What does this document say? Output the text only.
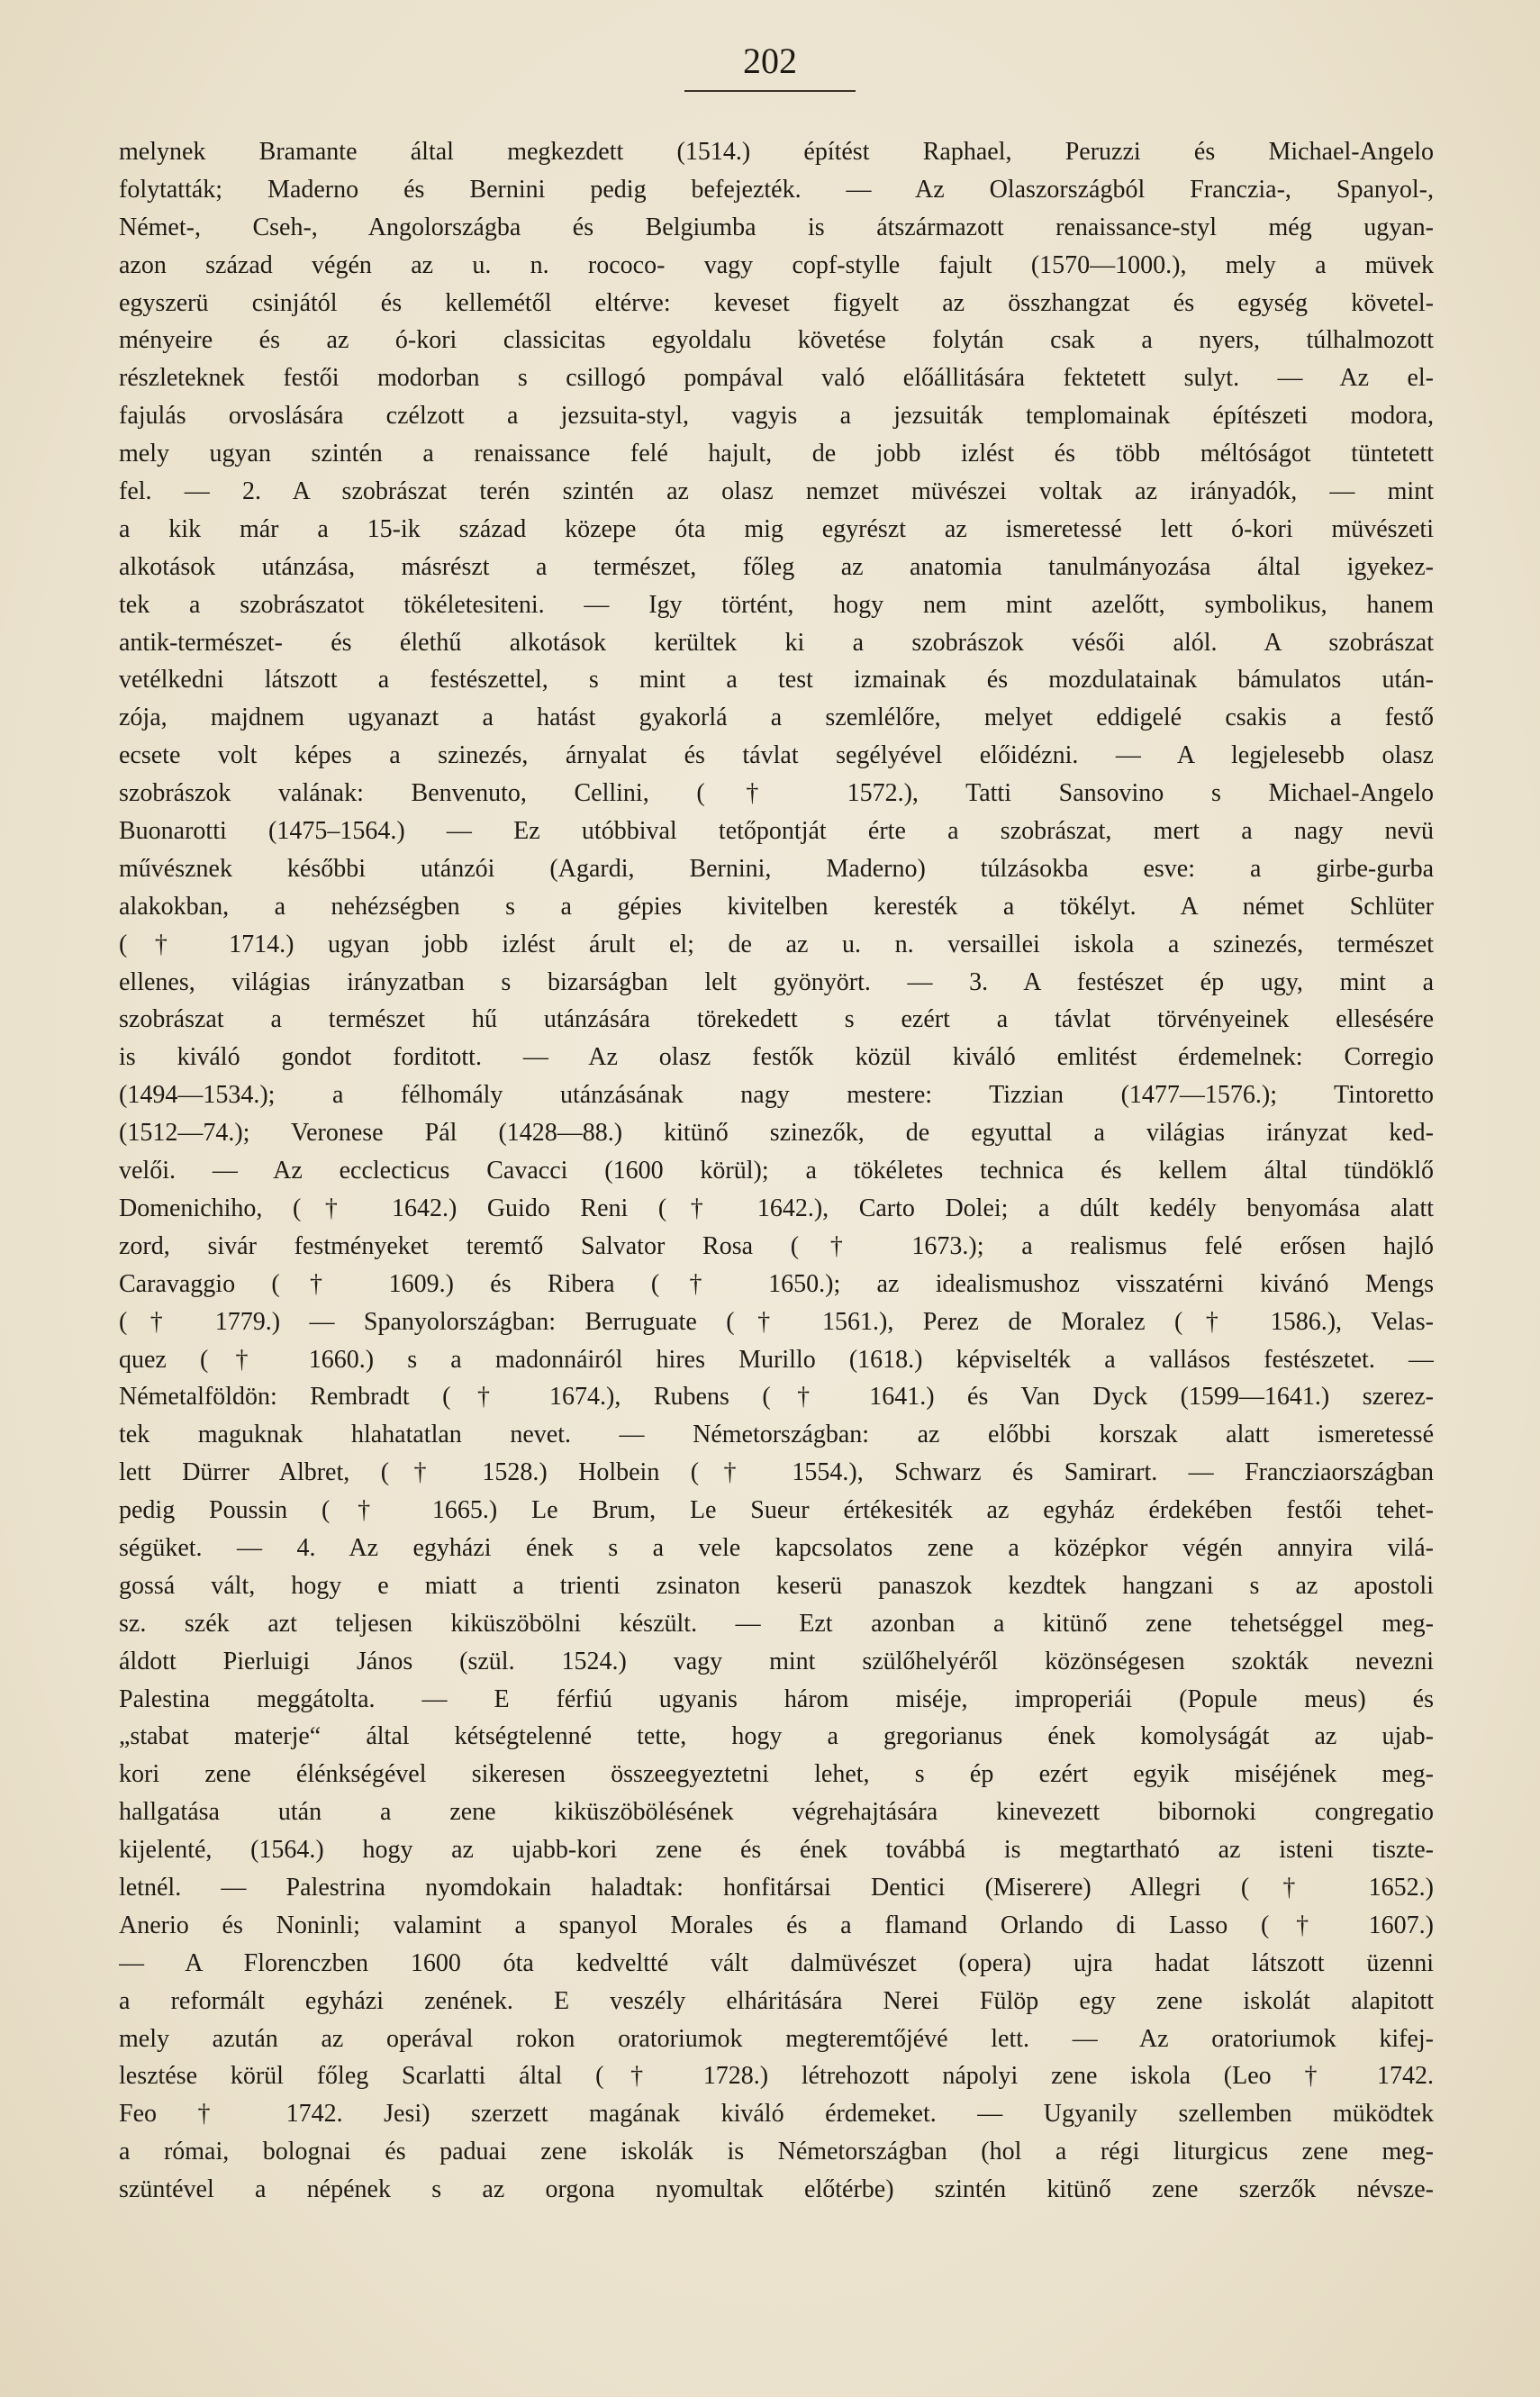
202
melynek Bramante által megkezdett (1514.) építést Raphael, Peruzzi és Michael-Angelo
folytatták; Maderno és Bernini pedig befejezték. — Az Olaszországból Franczia-, Spanyol-,
Német-, Cseh-, Angolországba és Belgiumba is átszármazott renaissance-styl még ugyan-
azon század végén az u. n. rococo- vagy copf-stylle fajult (1570—1000.), mely a müvek
egyszerü csinjától és kellemétől eltérve: keveset figyelt az összhangzat és egység követel-
ményeire és az ó-kori classicitas egyoldalu követése folytán csak a nyers, túlhalmozott
részleteknek festői modorban s csillogó pompával való előállitására fektetett sulyt. — Az el-
fajulás orvoslására czélzott a jezsuita-styl, vagyis a jezsuiták templomainak építészeti modora,
mely ugyan szintén a renaissance felé hajult, de jobb izlést és több méltóságot tüntetett
fel. — 2. A szobrászat terén szintén az olasz nemzet müvészei voltak az irányadók, — mint
a kik már a 15-ik század közepe óta mig egyrészt az ismeretessé lett ó-kori müvészeti
alkotások utánzása, másrészt a természet, főleg az anatomia tanulmányozása által igyekez-
tek a szobrászatot tökéletesiteni. — Igy történt, hogy nem mint azelőtt, symbolikus, hanem
antik-természet- és élethű alkotások kerültek ki a szobrászok vésői alól. A szobrászat
vetélkedni látszott a festészettel, s mint a test izmainak és mozdulatainak bámulatos után-
zója, majdnem ugyanazt a hatást gyakorlá a szemlélőre, melyet eddigelé csakis a festő
ecsete volt képes a szinezés, árnyalat és távlat segélyével előidézni. — A legjelesebb olasz
szobrászok valának: Benvenuto, Cellini, († 1572.), Tatti Sansovino s Michael-Angelo
Buonarotti (1475–1564.) — Ez utóbbival tetőpontját érte a szobrászat, mert a nagy nevü
művésznek későbbi utánzói (Agardi, Bernini, Maderno) túlzásokba esve: a girbe-gurba
alakokban, a nehézségben s a gépies kivitelben keresték a tökélyt. A német Schlüter
(† 1714.) ugyan jobb izlést árult el; de az u. n. versaillei iskola a szinezés, természet
ellenes, világias irányzatban s bizarságban lelt gyönyört. — 3. A festészet ép ugy, mint a
szobrászat a természet hű utánzására törekedett s ezért a távlat törvényeinek ellesésére
is kiváló gondot forditott. — Az olasz festők közül kiváló emlitést érdemelnek: Corregio
(1494—1534.); a félhomály utánzásának nagy mestere: Tizzian (1477—1576.); Tintoretto
(1512—74.); Veronese Pál (1428—88.) kitünő szinezők, de egyuttal a világias irányzat ked-
velői. — Az ecclecticus Cavacci (1600 körül); a tökéletes technica és kellem által tündöklő
Domenichiho, († 1642.) Guido Reni († 1642.), Carto Dolei; a dúlt kedély benyomása alatt
zord, sivár festményeket teremtő Salvator Rosa († 1673.); a realismus felé erősen hajló
Caravaggio († 1609.) és Ribera († 1650.); az idealismushoz visszatérni kivánó Mengs
(† 1779.) — Spanyolországban: Berruguate († 1561.), Perez de Moralez († 1586.), Velas-
quez († 1660.) s a madonnáiról hires Murillo (1618.) képviselték a vallásos festészetet. —
Németalföldön: Rembradt († 1674.), Rubens († 1641.) és Van Dyck (1599—1641.) szerez-
tek maguknak hlahatatlan nevet. — Németországban: az előbbi korszak alatt ismeretessé
lett Dürrer Albret, († 1528.) Holbein († 1554.), Schwarz és Samirart. — Francziaországban
pedig Poussin († 1665.) Le Brum, Le Sueur értékesiték az egyház érdekében festői tehet-
ségüket. — 4. Az egyházi ének s a vele kapcsolatos zene a középkor végén annyira vilá-
gossá vált, hogy e miatt a trienti zsinaton keserü panaszok kezdtek hangzani s az apostoli
sz. szék azt teljesen kiküszöbölni készült. — Ezt azonban a kitünő zene tehetséggel meg-
áldott Pierluigi János (szül. 1524.) vagy mint szülőhelyéről közönségesen szokták nevezni
Palestina meggátolta. — E férfiú ugyanis három miséje, improperiái (Popule meus) és
„stabat materje“ által kétségtelenné tette, hogy a gregorianus ének komolyságát az ujab-
kori zene élénkségével sikeresen összeegyeztetni lehet, s ép ezért egyik miséjének meg-
hallgatása után a zene kiküszöbölésének végrehajtására kinevezett bibornoki congregatio
kijelenté, (1564.) hogy az ujabb-kori zene és ének továbbá is megtartható az isteni tiszte-
letnél. — Palestrina nyomdokain haladtak: honfitársai Dentici (Miserere) Allegri († 1652.)
Anerio és Noninli; valamint a spanyol Morales és a flamand Orlando di Lasso († 1607.)
— A Florenczben 1600 óta kedveltté vált dalmüvészet (opera) ujra hadat látszott üzenni
a reformált egyházi zenének. E veszély elháritására Nerei Fülöp egy zene iskolát alapitott
mely azután az operával rokon oratoriumok megteremtőjévé lett. — Az oratoriumok kifej-
lesztése körül főleg Scarlatti által († 1728.) létrehozott nápolyi zene iskola (Leo † 1742.
Feo † 1742. Jesi) szerzett magának kiváló érdemeket. — Ugyanily szellemben müködtek
a római, bolognai és paduai zene iskolák is Németországban (hol a régi liturgicus zene meg-
szüntével a népének s az orgona nyomultak előtérbe) szintén kitünő zene szerzők névsze-
